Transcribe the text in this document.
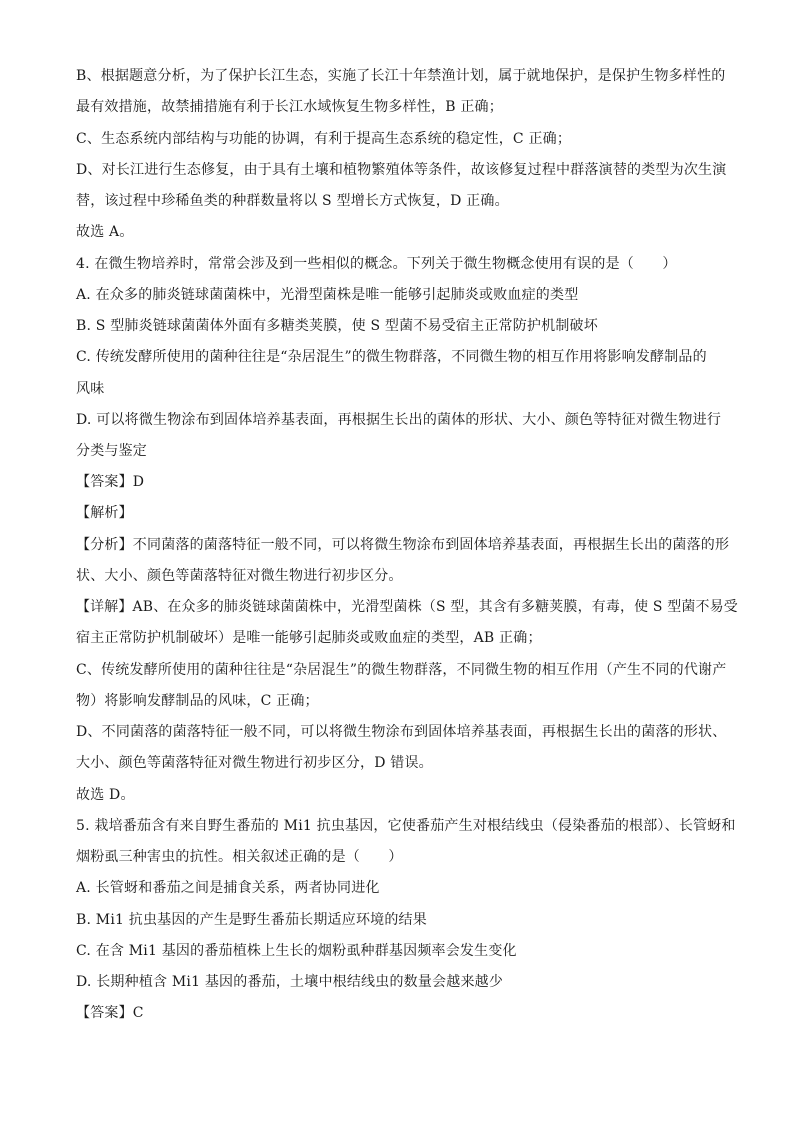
B、根据题意分析，为了保护长江生态，实施了长江十年禁渔计划，属于就地保护，是保护生物多样性的
最有效措施，故禁捕措施有利于长江水域恢复生物多样性，B 正确；
C、生态系统内部结构与功能的协调，有利于提高生态系统的稳定性，C 正确；
D、对长江进行生态修复，由于具有土壤和植物繁殖体等条件，故该修复过程中群落演替的类型为次生演
替，该过程中珍稀鱼类的种群数量将以 S 型增长方式恢复，D 正确。
故选 A。
4. 在微生物培养时，常常会涉及到一些相似的概念。下列关于微生物概念使用有误的是（　　）
A. 在众多的肺炎链球菌菌株中，光滑型菌株是唯一能够引起肺炎或败血症的类型
B. S 型肺炎链球菌菌体外面有多糖类荚膜，使 S 型菌不易受宿主正常防护机制破坏
C. 传统发酵所使用的菌种往往是“杂居混生”的微生物群落，不同微生物的相互作用将影响发酵制品的
风味
D. 可以将微生物涂布到固体培养基表面，再根据生长出的菌体的形状、大小、颜色等特征对微生物进行
分类与鉴定
【答案】D
【解析】
【分析】不同菌落的菌落特征一般不同，可以将微生物涂布到固体培养基表面，再根据生长出的菌落的形
状、大小、颜色等菌落特征对微生物进行初步区分。
【详解】AB、在众多的肺炎链球菌菌株中，光滑型菌株（S 型，其含有多糖荚膜，有毒，使 S 型菌不易受
宿主正常防护机制破坏）是唯一能够引起肺炎或败血症的类型，AB 正确；
C、传统发酵所使用的菌种往往是“杂居混生”的微生物群落，不同微生物的相互作用（产生不同的代谢产
物）将影响发酵制品的风味，C 正确；
D、不同菌落的菌落特征一般不同，可以将微生物涂布到固体培养基表面，再根据生长出的菌落的形状、
大小、颜色等菌落特征对微生物进行初步区分，D 错误。
故选 D。
5. 栽培番茄含有来自野生番茄的 Mi1 抗虫基因，它使番茄产生对根结线虫（侵染番茄的根部）、长管蚜和
烟粉虱三种害虫的抗性。相关叙述正确的是（　　）
A. 长管蚜和番茄之间是捕食关系，两者协同进化
B. Mi1 抗虫基因的产生是野生番茄长期适应环境的结果
C. 在含 Mi1 基因的番茄植株上生长的烟粉虱种群基因频率会发生变化
D. 长期种植含 Mi1 基因的番茄，土壤中根结线虫的数量会越来越少
【答案】C
